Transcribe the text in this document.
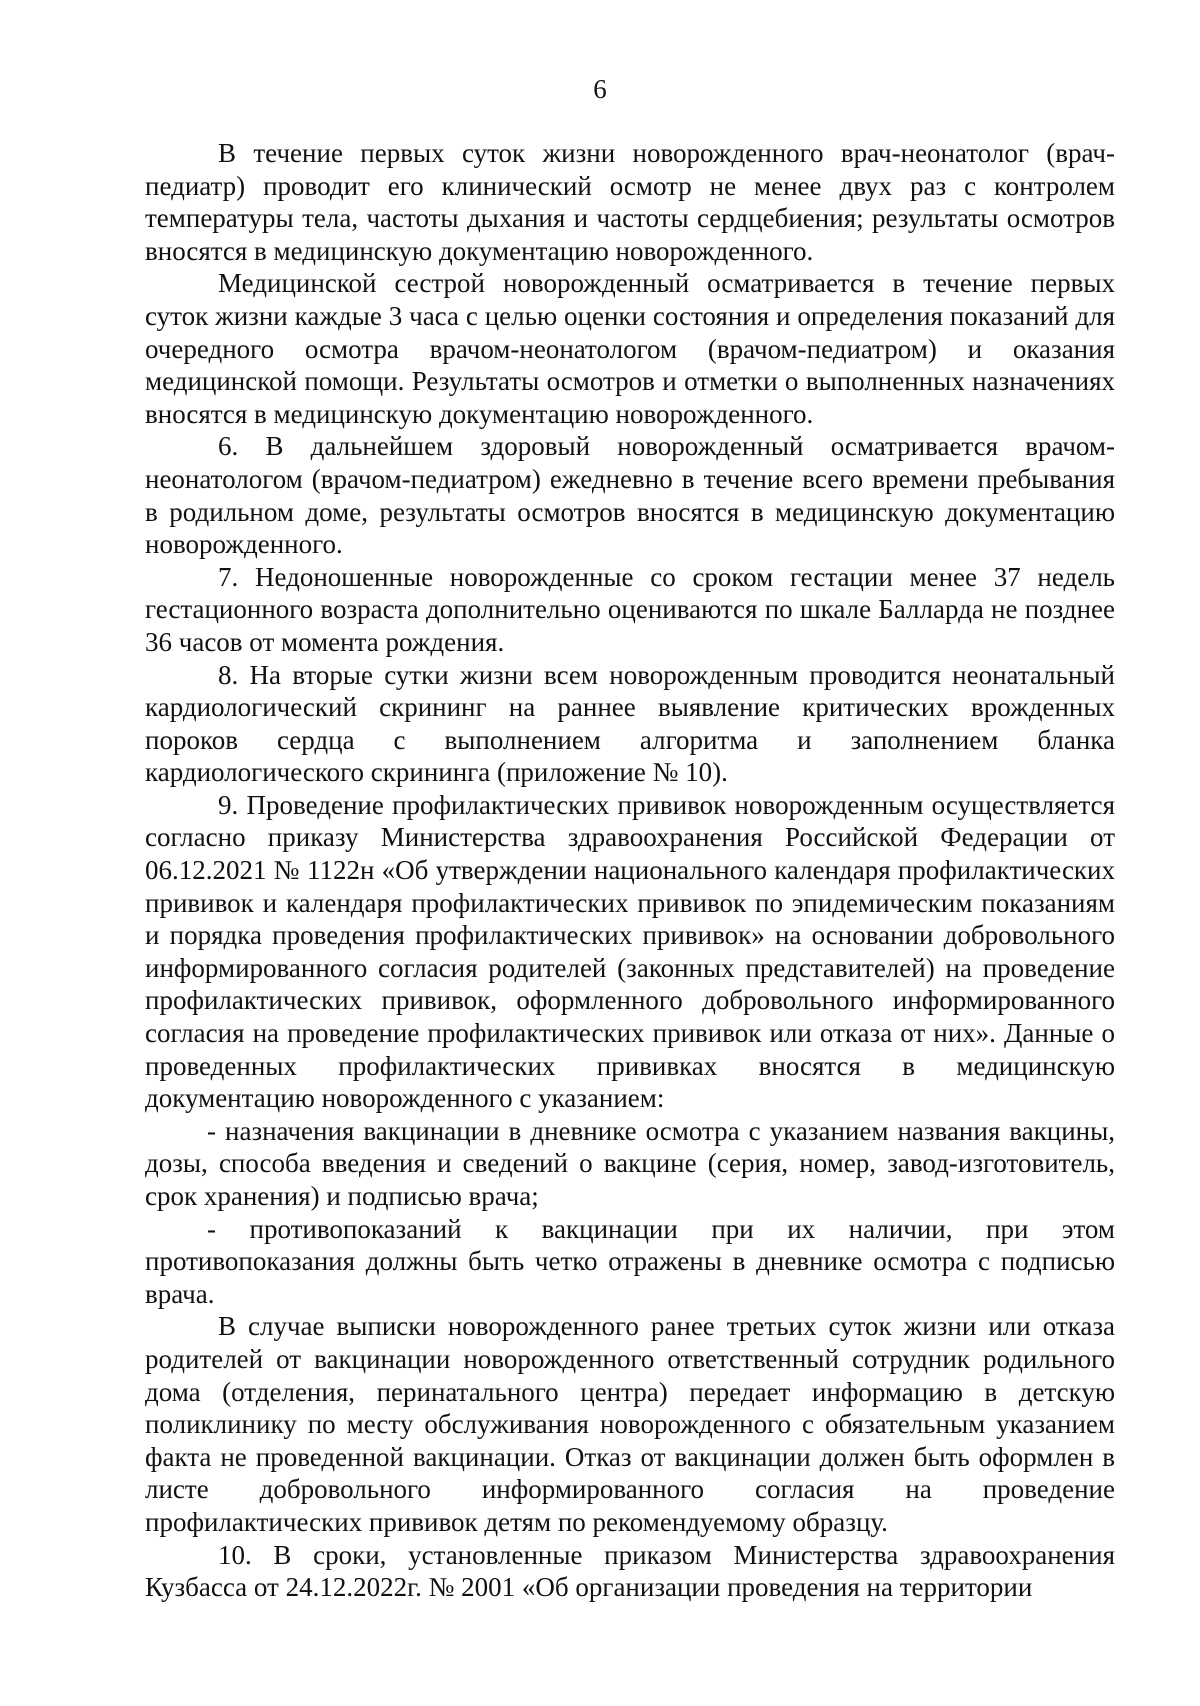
6

В течение первых суток жизни новорожденного врач-неонатолог (врач-педиатр) проводит его клинический осмотр не менее двух раз с контролем температуры тела, частоты дыхания и частоты сердцебиения; результаты осмотров вносятся в медицинскую документацию новорожденного.

Медицинской сестрой новорожденный осматривается в течение первых суток жизни каждые 3 часа с целью оценки состояния и определения показаний для очередного осмотра врачом-неонатологом (врачом-педиатром) и оказания медицинской помощи. Результаты осмотров и отметки о выполненных назначениях вносятся в медицинскую документацию новорожденного.

6. В дальнейшем здоровый новорожденный осматривается врачом-неонатологом (врачом-педиатром) ежедневно в течение всего времени пребывания в родильном доме, результаты осмотров вносятся в медицинскую документацию новорожденного.

7. Недоношенные новорожденные со сроком гестации менее 37 недель гестационного возраста дополнительно оцениваются по шкале Балларда не позднее 36 часов от момента рождения.

8. На вторые сутки жизни всем новорожденным проводится неонатальный кардиологический скрининг на раннее выявление критических врожденных пороков сердца с выполнением алгоритма и заполнением бланка кардиологического скрининга (приложение № 10).

9. Проведение профилактических прививок новорожденным осуществляется согласно приказу Министерства здравоохранения Российской Федерации от 06.12.2021 № 1122н «Об утверждении национального календаря профилактических прививок и календаря профилактических прививок по эпидемическим показаниям и порядка проведения профилактических прививок» на основании добровольного информированного согласия родителей (законных представителей) на проведение профилактических прививок, оформленного добровольного информированного согласия на проведение профилактических прививок или отказа от них». Данные о проведенных профилактических прививках вносятся в медицинскую документацию новорожденного с указанием:

- назначения вакцинации в дневнике осмотра с указанием названия вакцины, дозы, способа введения и сведений о вакцине (серия, номер, завод-изготовитель, срок хранения) и подписью врача;

- противопоказаний к вакцинации при их наличии, при этом противопоказания должны быть четко отражены в дневнике осмотра с подписью врача.

В случае выписки новорожденного ранее третьих суток жизни или отказа родителей от вакцинации новорожденного ответственный сотрудник родильного дома (отделения, перинатального центра) передает информацию в детскую поликлинику по месту обслуживания новорожденного с обязательным указанием факта не проведенной вакцинации. Отказ от вакцинации должен быть оформлен в листе добровольного информированного согласия на проведение профилактических прививок детям по рекомендуемому образцу.

10. В сроки, установленные приказом Министерства здравоохранения Кузбасса от 24.12.2022г. № 2001 «Об организации проведения на территории
